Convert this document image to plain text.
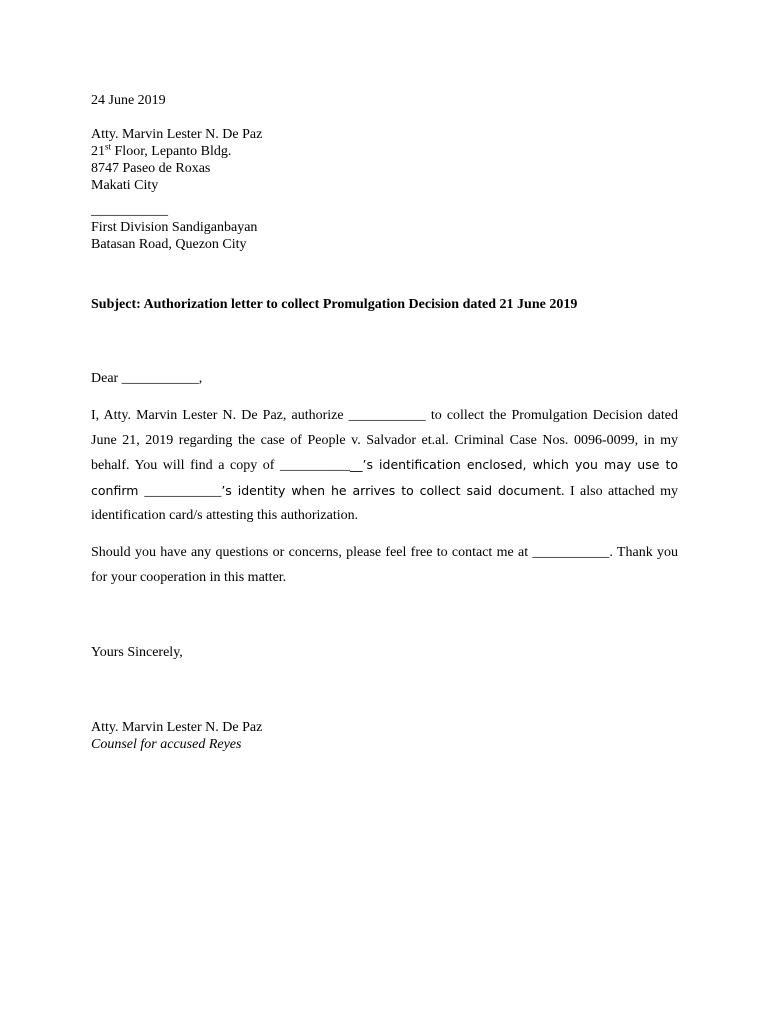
24 June 2019
Atty. Marvin Lester N. De Paz
21st Floor, Lepanto Bldg.
8747 Paseo de Roxas
Makati City
___________
First Division Sandiganbayan
Batasan Road, Quezon City
Subject: Authorization letter to collect Promulgation Decision dated 21 June 2019
Dear ___________,
I, Atty. Marvin Lester N. De Paz, authorize ___________ to collect the Promulgation Decision dated June 21, 2019 regarding the case of People v. Salvador et.al. Criminal Case Nos. 0096-0099, in my behalf. You will find a copy of ____________’s identification enclosed, which you may use to confirm ___________’s identity when he arrives to collect said document. I also attached my identification card/s attesting this authorization.
Should you have any questions or concerns, please feel free to contact me at ___________. Thank you for your cooperation in this matter.
Yours Sincerely,
Atty. Marvin Lester N. De Paz
Counsel for accused Reyes
